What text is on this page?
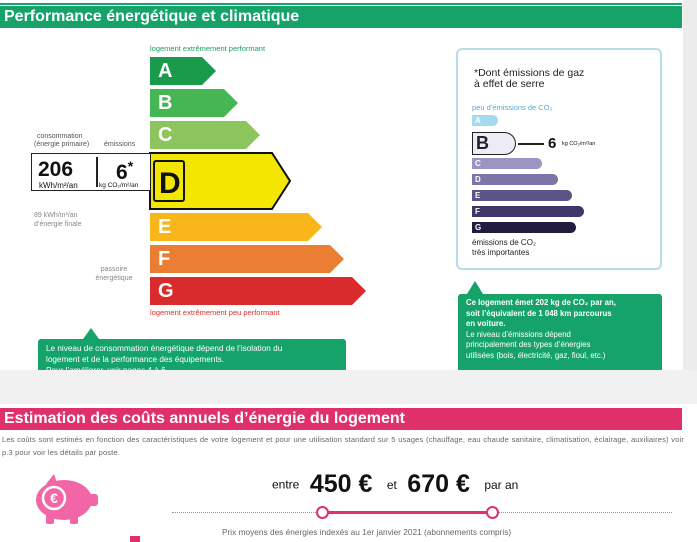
Performance énergétique et climatique
logement extrêmement performant
A
B
C
D
E
F
G
logement extrêmement peu performant
consommation
(énergie primaire) émissions
206
kWh/m²/an
6*
kg CO₂/m²/an
89 kWh/m²/an
d’énergie finale
passoire
énergétique
Le niveau de consommation énergétique dépend de l’isolation du
logement et de la performance des équipements.
*Dont émissions de gaz
à effet de serre
peu d’émissions de CO₂
A
B	6 kg CO₂/m²/an
C
D
E
F
G
émissions de CO₂
très importantes
Ce logement émet 202 kg de CO₂ par an,
soit l’équivalent de 1 048 km parcourus
en voiture.
Le niveau d’émissions dépend
principalement des types d’énergies
utilisées (bois, électricité, gaz, fioul, etc.)
Estimation des coûts annuels d’énergie du logement
Les coûts sont estimés en fonction des caractéristiques de votre logement et pour une utilisation standard sur 5 usages (chauffage, eau chaude sanitaire, climatisation, éclairage, auxiliaires) voir p.3 pour voir les détails par poste.
€
entre 450 € et 670 € par an
Prix moyens des énergies indexés au 1er janvier 2021 (abonnements compris)
